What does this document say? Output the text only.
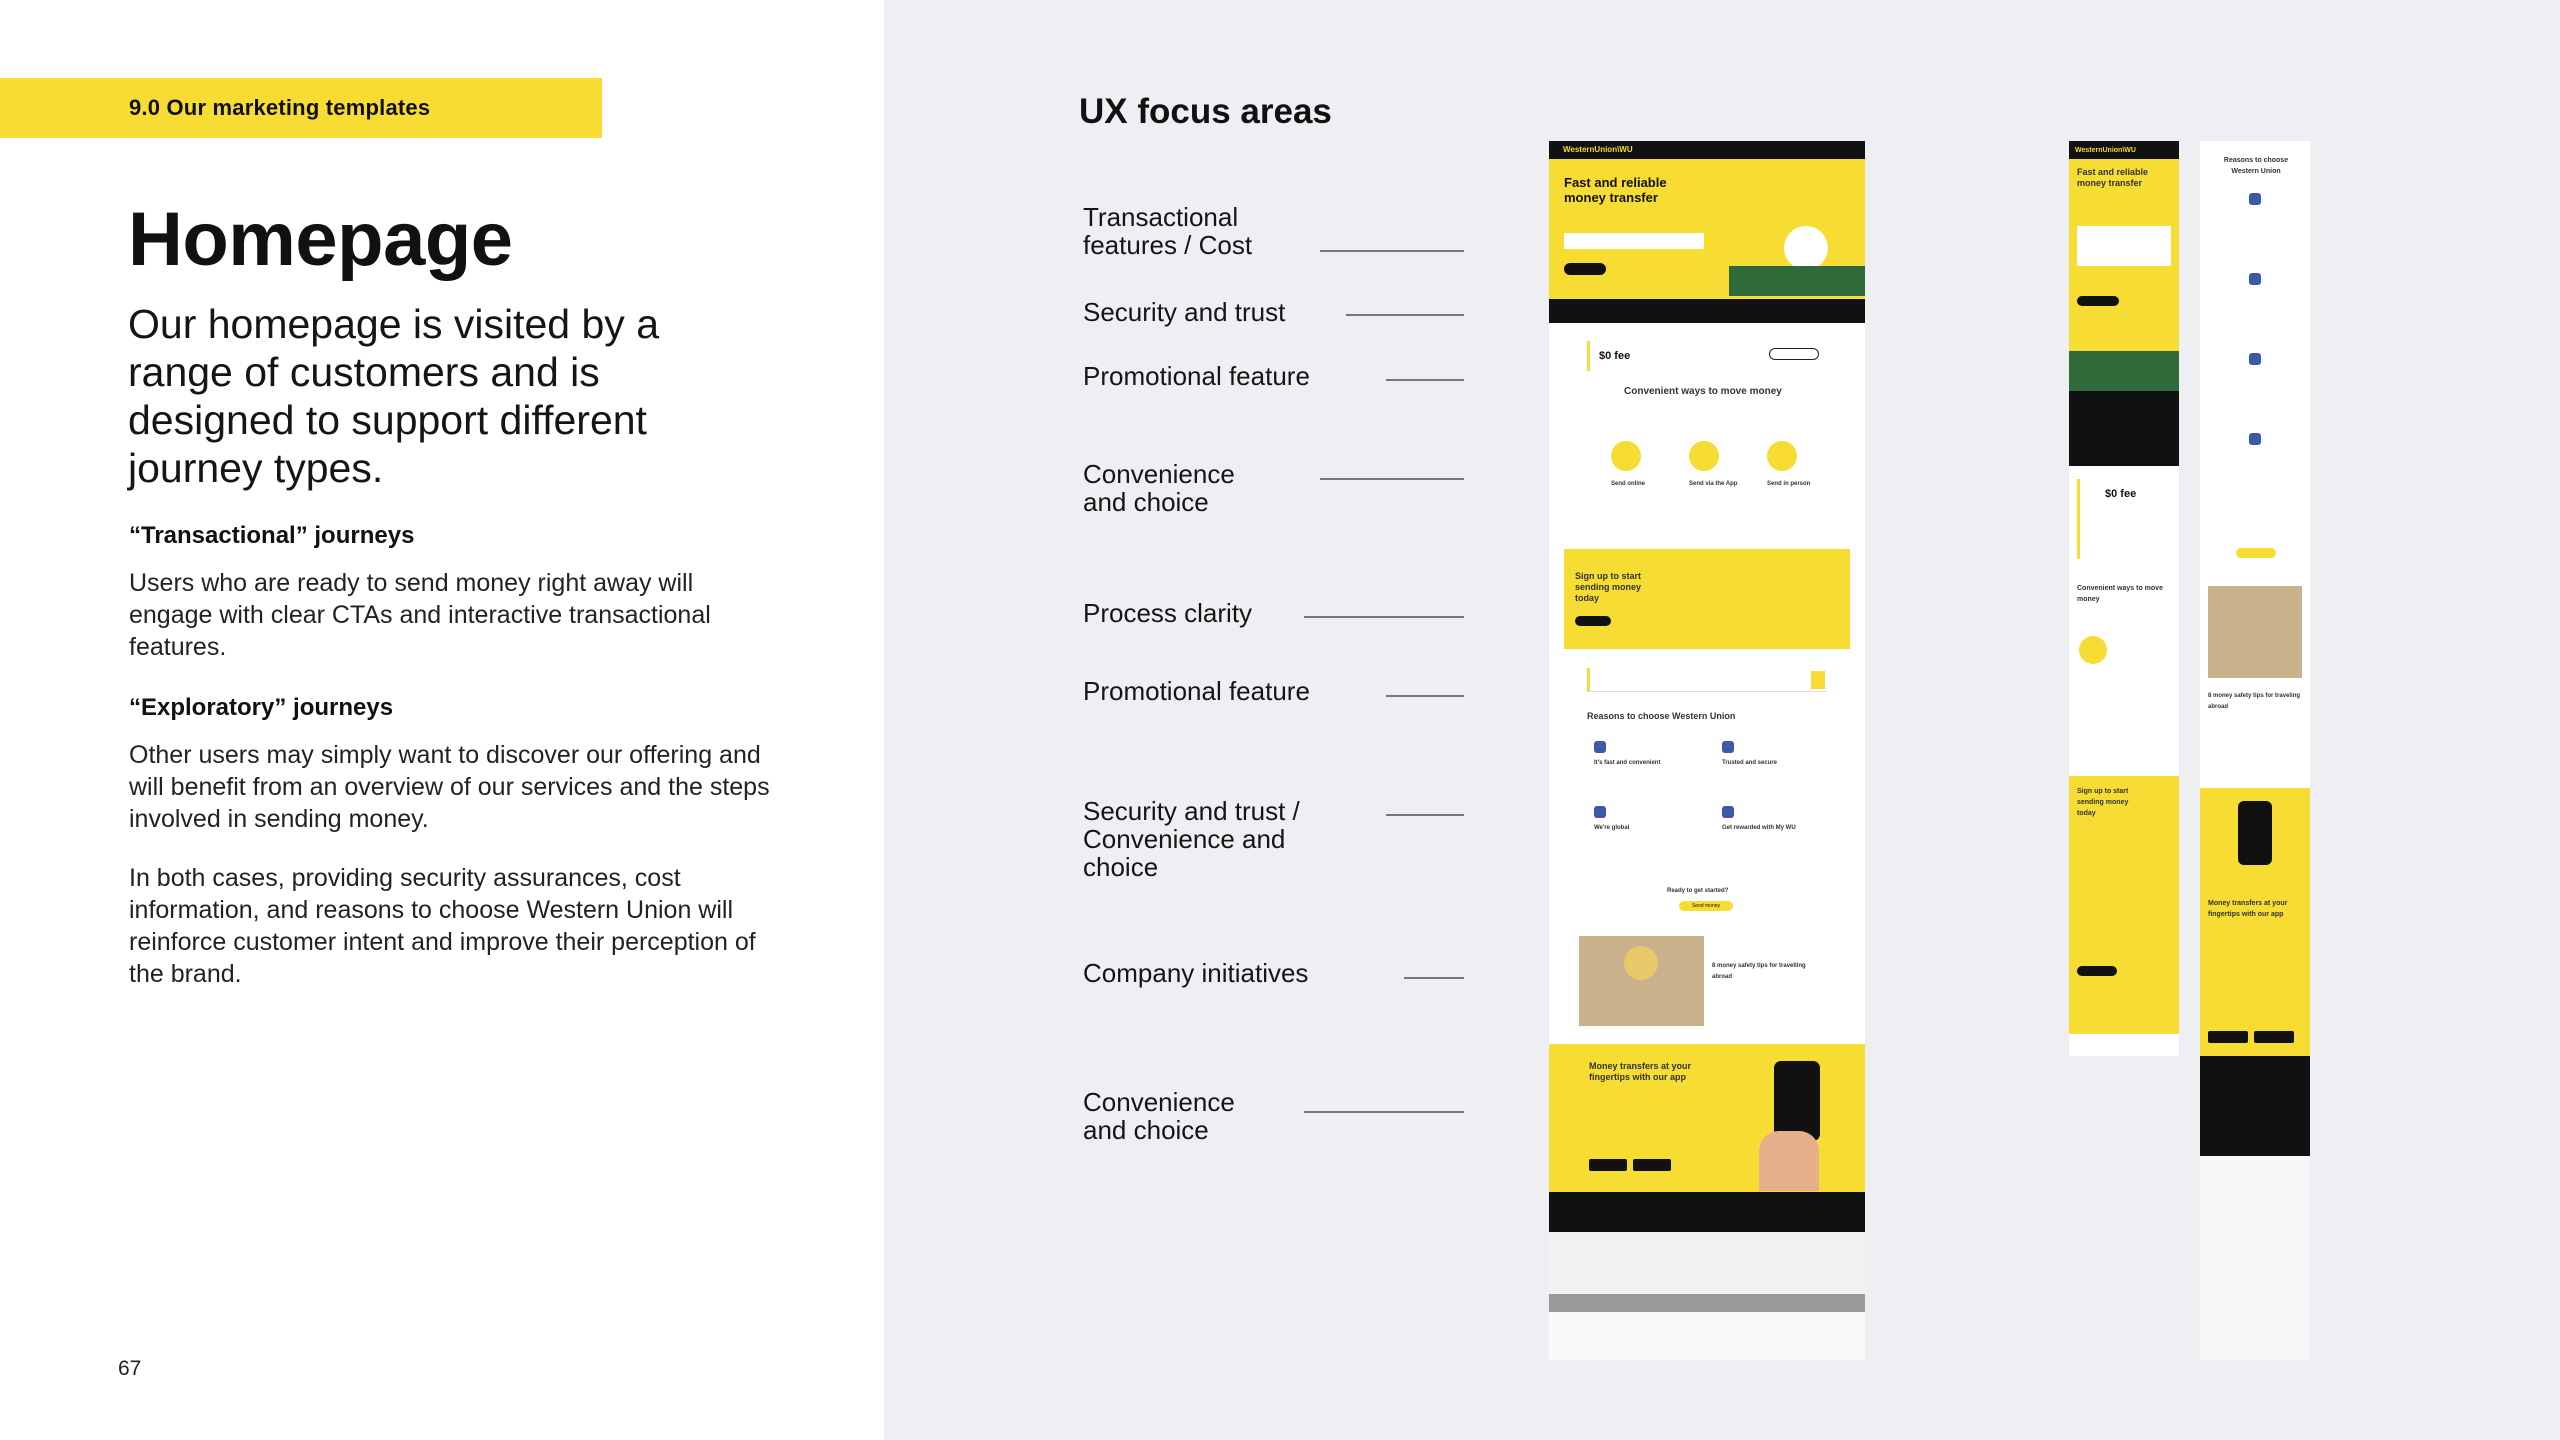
9.0 Our marketing templates
Homepage

Our homepage is visited by a range of customers and is designed to support different journey types.

“Transactional” journeys

Users who are ready to send money right away will engage with clear CTAs and interactive transactional features.

“Exploratory” journeys

Other users may simply want to discover our offering and will benefit from an overview of our services and the steps involved in sending money.

In both cases, providing security assurances, cost information, and reasons to choose Western Union will reinforce customer intent and improve their perception of the brand.

67
UX focus areas
Transactional features / Cost
Security and trust
Promotional feature
Convenience and choice
Process clarity
Promotional feature
Security and trust / Convenience and choice
Company initiatives
Convenience and choice
WesternUnion\WU
Fast and reliable money transfer
$0 fee
Convenient ways to move money
Send online	Send via the App	Send in person
Sign up to start sending money today
Reasons to choose Western Union
It's fast and convenient	Trusted and secure
We're global	Get rewarded with My WU
Ready to get started?
Send money
8 money safety tips for travelling abroad
Money transfers at your fingertips with our app
WesternUnion\WU
Fast and reliable money transfer
$0 fee
Convenient ways to move money
Sign up to start sending money today
Reasons to choose Western Union
8 money safety tips for traveling abroad
Money transfers at your fingertips with our app
